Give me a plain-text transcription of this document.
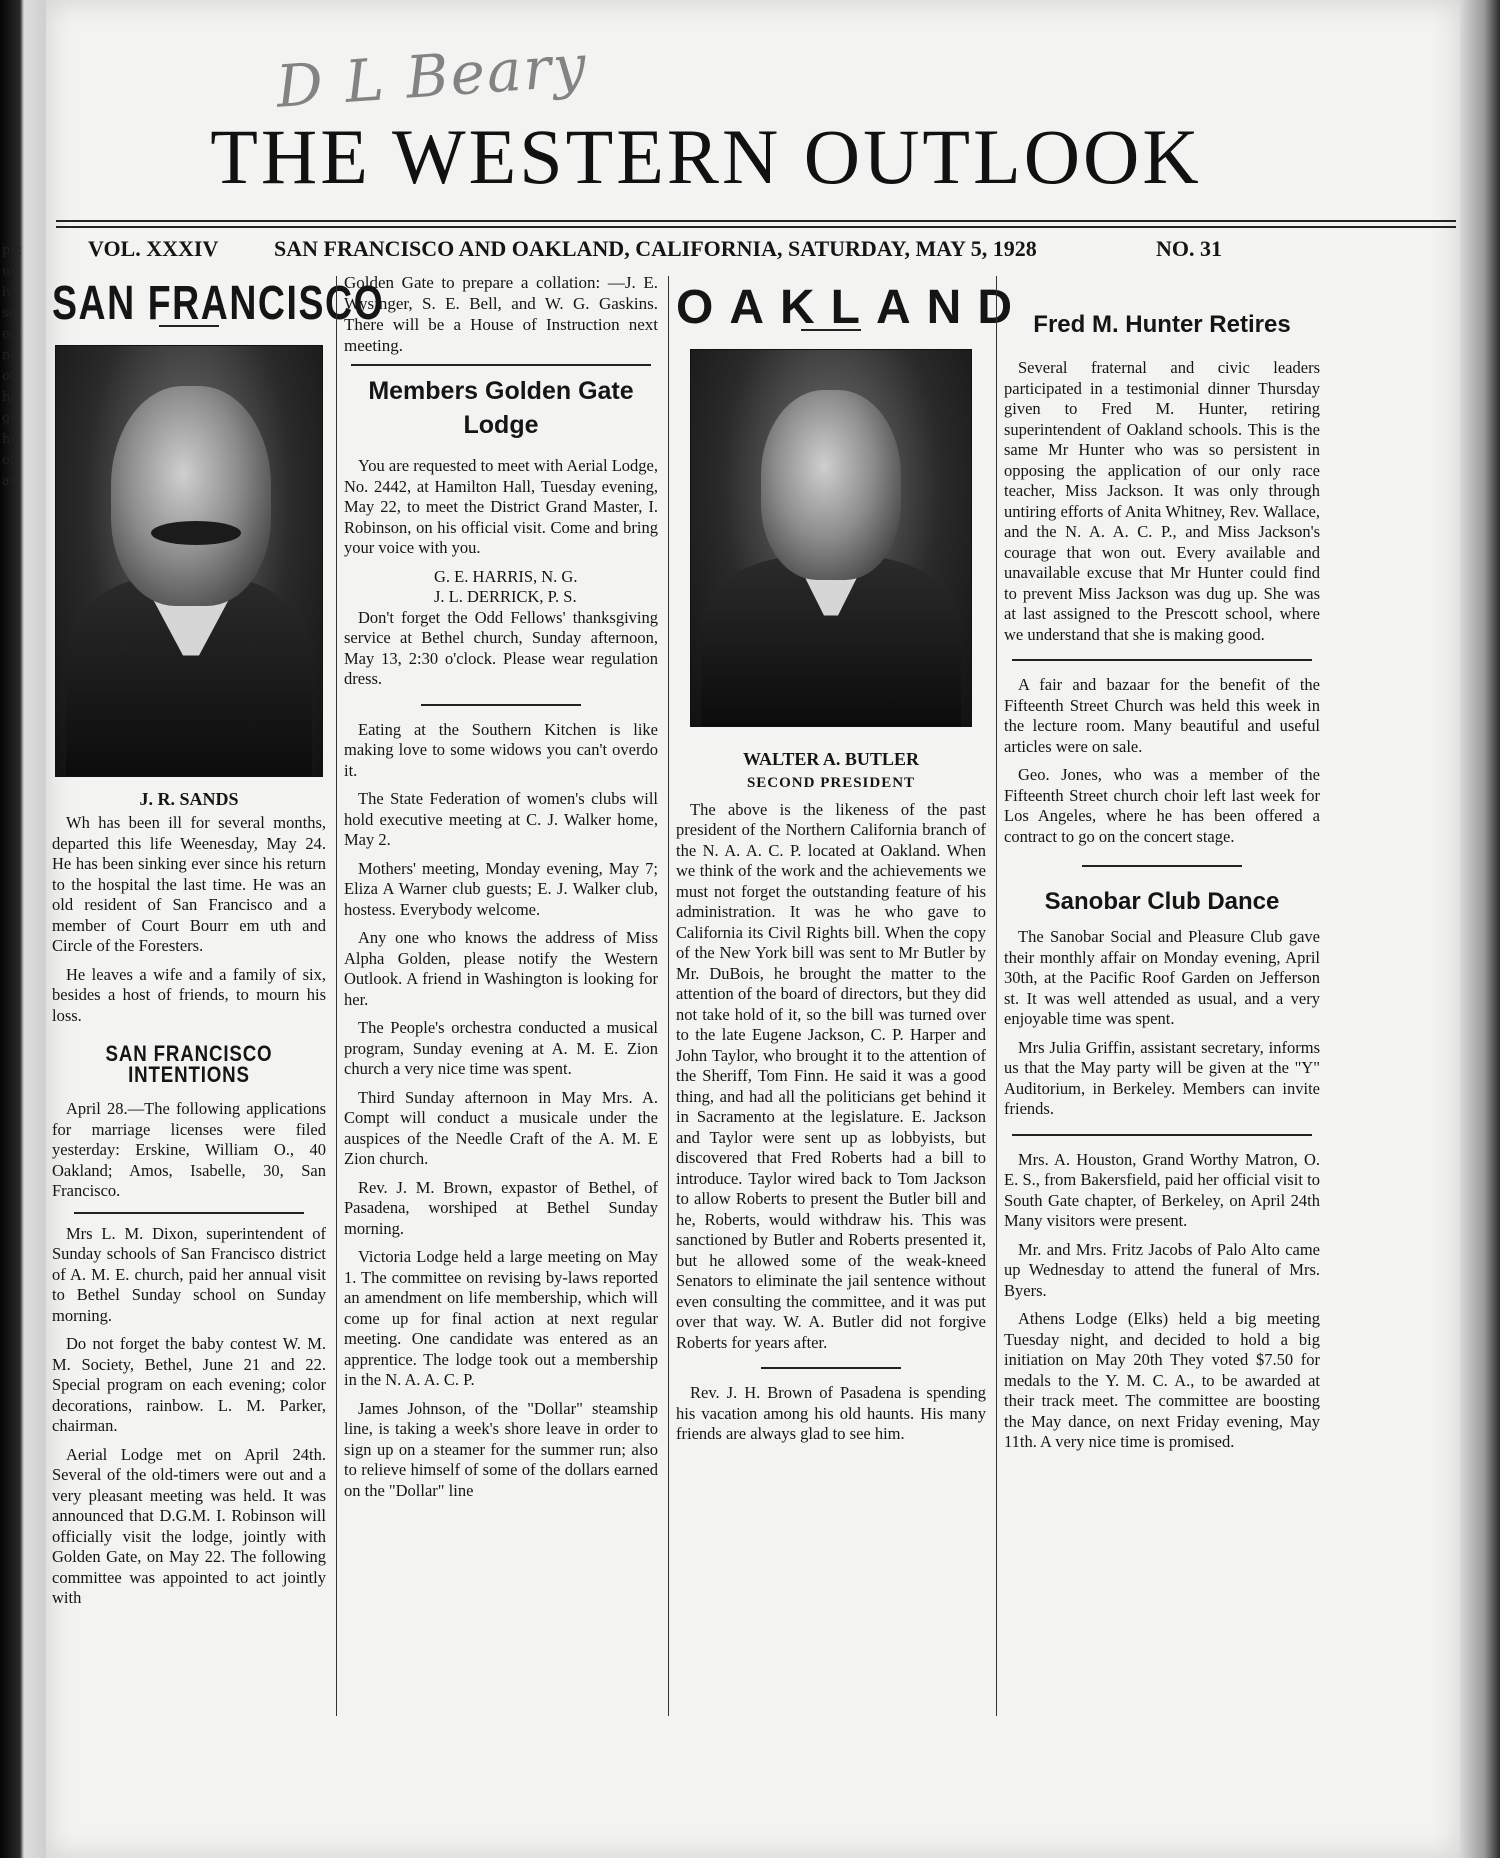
pic
us
lv
se
ed
ne
ot
he
ge
he
of
an
D L Beary
THE WESTERN OUTLOOK
VOL. XXXIV	SAN FRANCISCO AND OAKLAND, CALIFORNIA, SATURDAY, MAY 5, 1928	NO. 31
SAN FRANCISCO
J. R. SANDS

Wh has been ill for several months, departed this life Weenesday, May 24. He has been sinking ever since his return to the hospital the last time. He was an old resident of San Francisco and a member of Court Bourr em uth and Circle of the Foresters.

He leaves a wife and a family of six, besides a host of friends, to mourn his loss.

SAN FRANCISCO INTENTIONS

April 28.—The following applications for marriage licenses were filed yesterday: Erskine, William O., 40 Oakland; Amos, Isabelle, 30, San Francisco.

Mrs L. M. Dixon, superintendent of Sunday schools of San Francisco district of A. M. E. church, paid her annual visit to Bethel Sunday school on Sunday morning.

Do not forget the baby contest W. M. M. Society, Bethel, June 21 and 22. Special program on each evening; color decorations, rainbow. L. M. Parker, chairman.

Aerial Lodge met on April 24th. Several of the old-timers were out and a very pleasant meeting was held. It was announced that D.G.M. I. Robinson will officially visit the lodge, jointly with Golden Gate, on May 22. The following committee was appointed to act jointly with

Golden Gate to prepare a collation: —J. E. Wysinger, S. E. Bell, and W. G. Gaskins. There will be a House of Instruction next meeting.

Members Golden Gate Lodge

You are requested to meet with Aerial Lodge, No. 2442, at Hamilton Hall, Tuesday evening, May 22, to meet the District Grand Master, I. Robinson, on his official visit. Come and bring your voice with you.

G. E. HARRIS, N. G.

J. L. DERRICK, P. S.

Don't forget the Odd Fellows' thanksgiving service at Bethel church, Sunday afternoon, May 13, 2:30 o'clock. Please wear regulation dress.

Eating at the Southern Kitchen is like making love to some widows you can't overdo it.

The State Federation of women's clubs will hold executive meeting at C. J. Walker home, May 2.

Mothers' meeting, Monday evening, May 7; Eliza A Warner club guests; E. J. Walker club, hostess. Everybody welcome.

Any one who knows the address of Miss Alpha Golden, please notify the Western Outlook. A friend in Washington is looking for her.

The People's orchestra conducted a musical program, Sunday evening at A. M. E. Zion church a very nice time was spent.

Third Sunday afternoon in May Mrs. A. Compt will conduct a musicale under the auspices of the Needle Craft of the A. M. E Zion church.

Rev. J. M. Brown, expastor of Bethel, of Pasadena, worshiped at Bethel Sunday morning.

Victoria Lodge held a large meeting on May 1. The committee on revising by-laws reported an amendment on life membership, which will come up for final action at next regular meeting. One candidate was entered as an apprentice. The lodge took out a membership in the N. A. A. C. P.

James Johnson, of the "Dollar" steamship line, is taking a week's shore leave in order to sign up on a steamer for the summer run; also to relieve himself of some of the dollars earned on the "Dollar" line

OAKLAND
WALTER A. BUTLER
SECOND PRESIDENT

The above is the likeness of the past president of the Northern California branch of the N. A. A. C. P. located at Oakland. When we think of the work and the achievements we must not forget the outstanding feature of his administration. It was he who gave to California its Civil Rights bill. When the copy of the New York bill was sent to Mr Butler by Mr. DuBois, he brought the matter to the attention of the board of directors, but they did not take hold of it, so the bill was turned over to the late Eugene Jackson, C. P. Harper and John Taylor, who brought it to the attention of the Sheriff, Tom Finn. He said it was a good thing, and had all the politicians get behind it in Sacramento at the legislature. E. Jackson and Taylor were sent up as lobbyists, but discovered that Fred Roberts had a bill to introduce. Taylor wired back to Tom Jackson to allow Roberts to present the Butler bill and he, Roberts, would withdraw his. This was sanctioned by Butler and Roberts presented it, but he allowed some of the weak-kneed Senators to eliminate the jail sentence without even consulting the committee, and it was put over that way. W. A. Butler did not forgive Roberts for years after.

Rev. J. H. Brown of Pasadena is spending his vacation among his old haunts. His many friends are always glad to see him.

Fred M. Hunter Retires

Several fraternal and civic leaders participated in a testimonial dinner Thursday given to Fred M. Hunter, retiring superintendent of Oakland schools. This is the same Mr Hunter who was so persistent in opposing the application of our only race teacher, Miss Jackson. It was only through untiring efforts of Anita Whitney, Rev. Wallace, and the N. A. A. C. P., and Miss Jackson's courage that won out. Every available and unavailable excuse that Mr Hunter could find to prevent Miss Jackson was dug up. She was at last assigned to the Prescott school, where we understand that she is making good.

A fair and bazaar for the benefit of the Fifteenth Street Church was held this week in the lecture room. Many beautiful and useful articles were on sale.

Geo. Jones, who was a member of the Fifteenth Street church choir left last week for Los Angeles, where he has been offered a contract to go on the concert stage.

Sanobar Club Dance

The Sanobar Social and Pleasure Club gave their monthly affair on Monday evening, April 30th, at the Pacific Roof Garden on Jefferson st. It was well attended as usual, and a very enjoyable time was spent.

Mrs Julia Griffin, assistant secretary, informs us that the May party will be given at the "Y" Auditorium, in Berkeley. Members can invite friends.

Mrs. A. Houston, Grand Worthy Matron, O. E. S., from Bakersfield, paid her official visit to South Gate chapter, of Berkeley, on April 24th Many visitors were present.

Mr. and Mrs. Fritz Jacobs of Palo Alto came up Wednesday to attend the funeral of Mrs. Byers.

Athens Lodge (Elks) held a big meeting Tuesday night, and decided to hold a big initiation on May 20th They voted $7.50 for medals to the Y. M. C. A., to be awarded at their track meet. The committee are boosting the May dance, on next Friday evening, May 11th. A very nice time is promised.
